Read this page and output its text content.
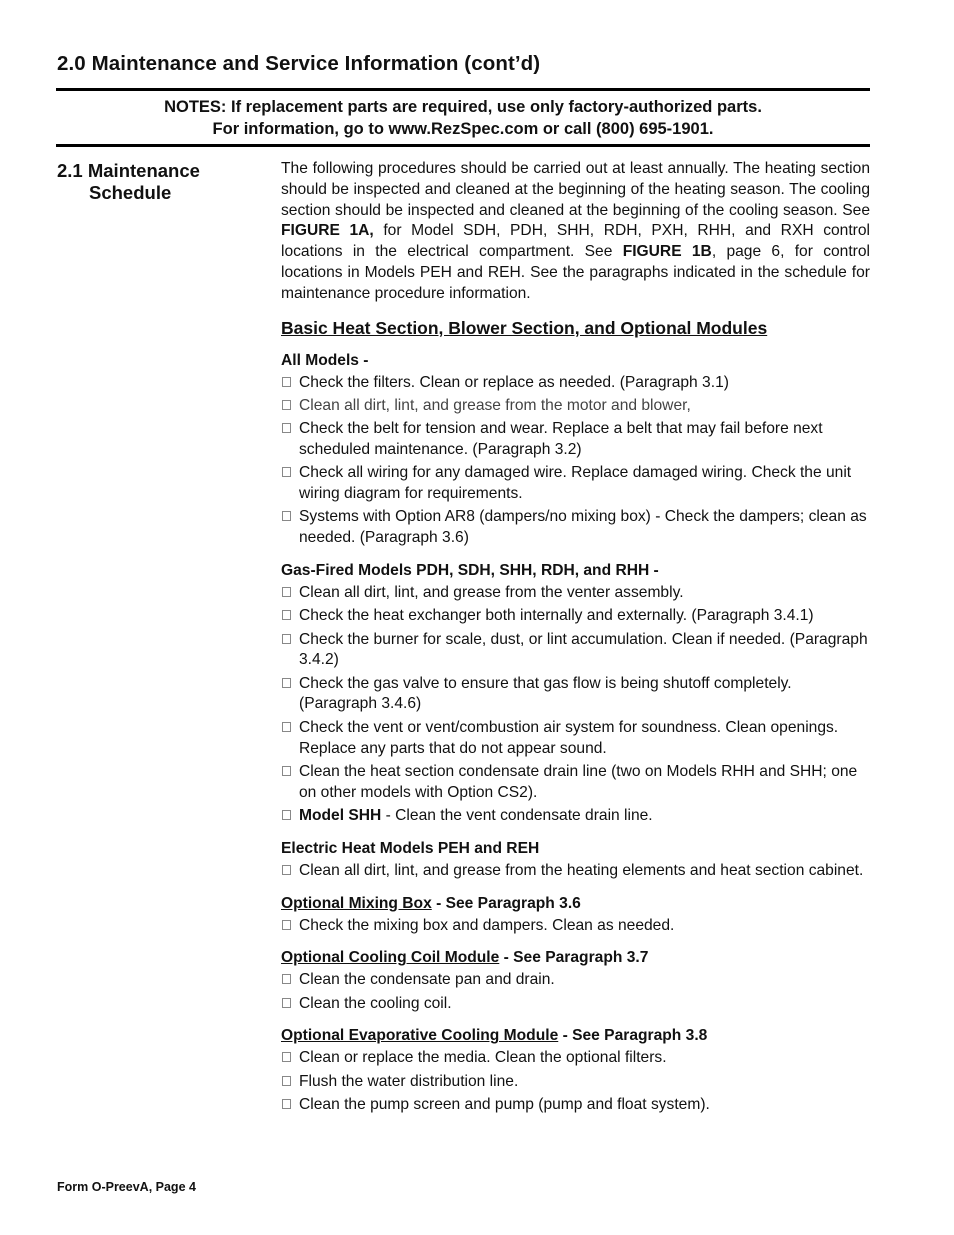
2.0 Maintenance and Service Information (cont’d)
NOTES: If replacement parts are required, use only factory-authorized parts.
For information, go to www.RezSpec.com or call (800) 695-1901.
2.1 Maintenance
Schedule

The following procedures should be carried out at least annually. The heating section should be inspected and cleaned at the beginning of the heating season. The cooling section should be inspected and cleaned at the beginning of the cooling season. See FIGURE 1A, for Model SDH, PDH, SHH, RDH, PXH, RHH, and RXH control locations in the electrical compartment. See FIGURE 1B, page 6, for control locations in Models PEH and REH. See the paragraphs indicated in the schedule for maintenance procedure information.

Basic Heat Section, Blower Section, and Optional Modules
All Models -
Check the filters. Clean or replace as needed. (Paragraph 3.1)
Clean all dirt, lint, and grease from the motor and blower,
Check the belt for tension and wear. Replace a belt that may fail before next scheduled maintenance. (Paragraph 3.2)
Check all wiring for any damaged wire. Replace damaged wiring. Check the unit wiring diagram for requirements.
Systems with Option AR8 (dampers/no mixing box) - Check the dampers; clean as needed. (Paragraph 3.6)
Gas-Fired Models PDH, SDH, SHH, RDH, and RHH -
Clean all dirt, lint, and grease from the venter assembly.
Check the heat exchanger both internally and externally. (Paragraph 3.4.1)
Check the burner for scale, dust, or lint accumulation. Clean if needed. (Paragraph 3.4.2)
Check the gas valve to ensure that gas flow is being shutoff completely. (Paragraph 3.4.6)
Check the vent or vent/combustion air system for soundness. Clean openings. Replace any parts that do not appear sound.
Clean the heat section condensate drain line (two on Models RHH and SHH; one on other models with Option CS2).
Model SHH - Clean the vent condensate drain line.
Electric Heat Models PEH and REH
Clean all dirt, lint, and grease from the heating elements and heat section cabinet.
Optional Mixing Box - See Paragraph 3.6
Check the mixing box and dampers. Clean as needed.
Optional Cooling Coil Module - See Paragraph 3.7
Clean the condensate pan and drain.
Clean the cooling coil.
Optional Evaporative Cooling Module - See Paragraph 3.8
Clean or replace the media. Clean the optional filters.
Flush the water distribution line.
Clean the pump screen and pump (pump and float system).
Form O-PreevA, Page 4
